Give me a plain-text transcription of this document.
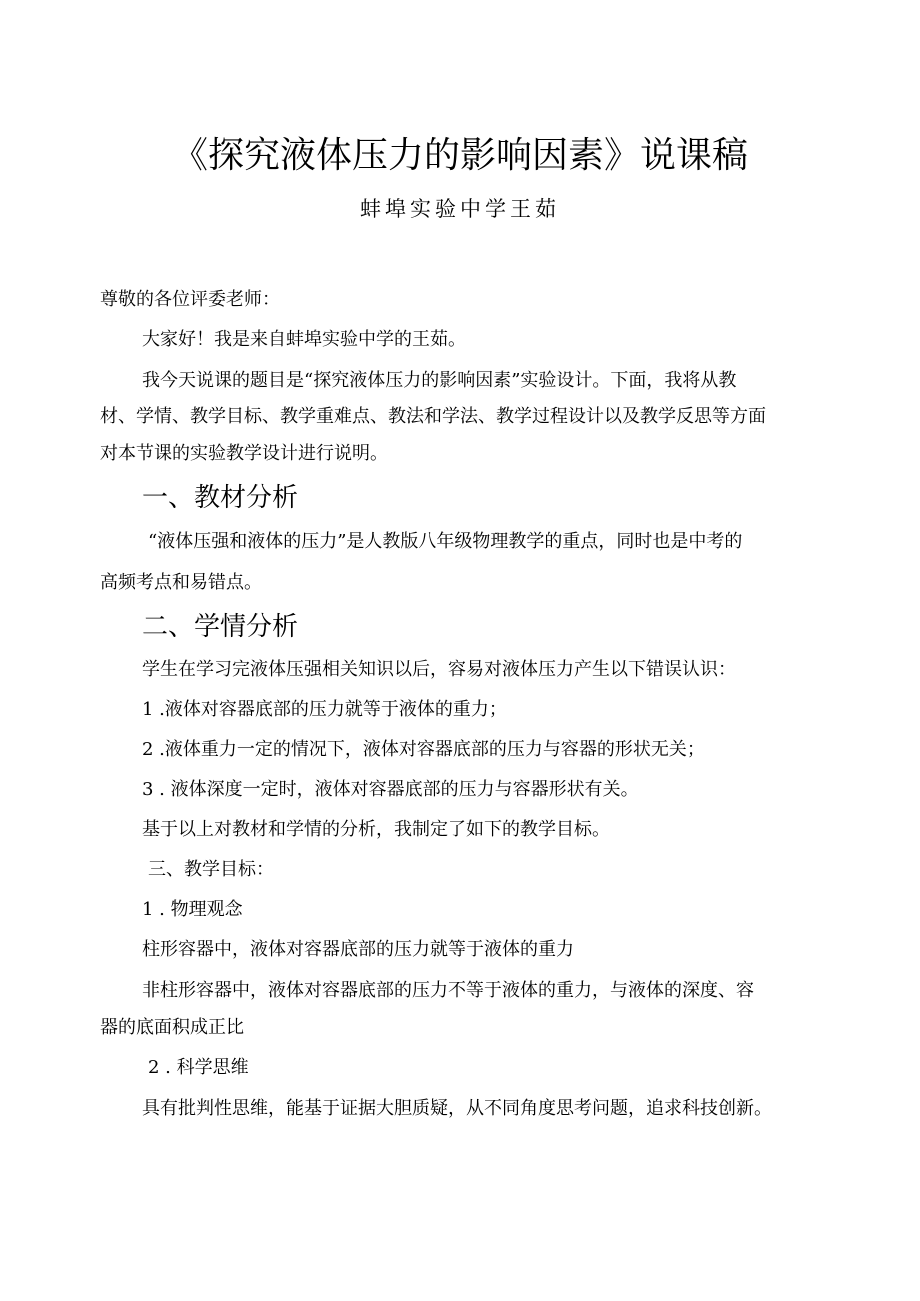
《探究液体压力的影响因素》说课稿
蚌埠实验中学王茹
尊敬的各位评委老师：
大家好！我是来自蚌埠实验中学的王茹。
我今天说课的题目是“探究液体压力的影响因素”实验设计。下面，我将从教
材、学情、教学目标、教学重难点、教法和学法、教学过程设计以及教学反思等方面
对本节课的实验教学设计进行说明。
一、教材分析
“液体压强和液体的压力”是人教版八年级物理教学的重点，同时也是中考的
高频考点和易错点。
二、学情分析
学生在学习完液体压强相关知识以后，容易对液体压力产生以下错误认识：
1 .液体对容器底部的压力就等于液体的重力；
2 .液体重力一定的情况下，液体对容器底部的压力与容器的形状无关；
3 . 液体深度一定时，液体对容器底部的压力与容器形状有关。
基于以上对教材和学情的分析，我制定了如下的教学目标。
三、教学目标：
1 . 物理观念
柱形容器中，液体对容器底部的压力就等于液体的重力
非柱形容器中，液体对容器底部的压力不等于液体的重力，与液体的深度、容
器的底面积成正比
2 . 科学思维
具有批判性思维，能基于证据大胆质疑，从不同角度思考问题，追求科技创新。
